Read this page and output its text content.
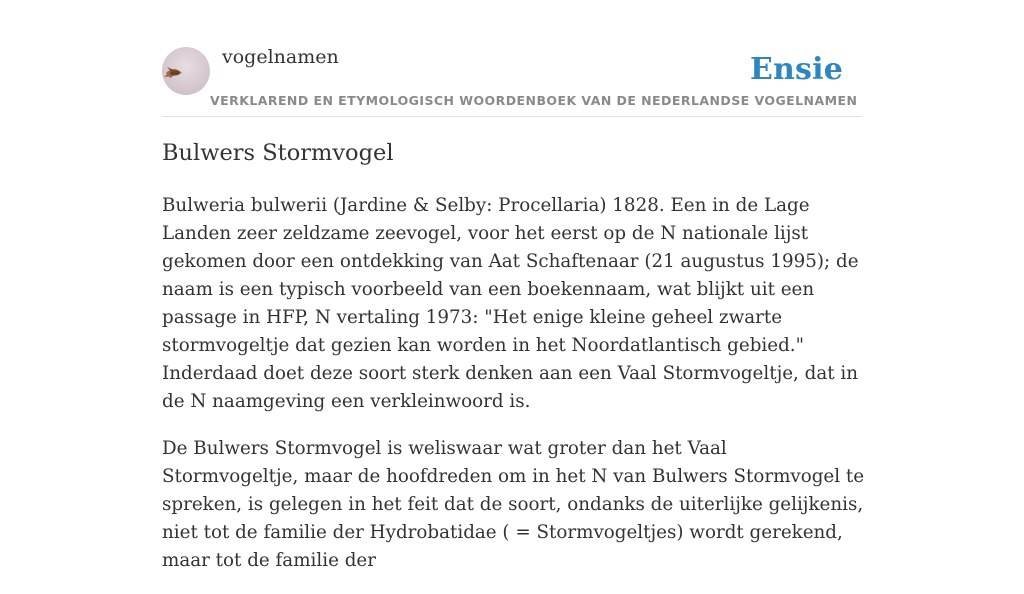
vogelnamen	Ensie
VERKLAREND EN ETYMOLOGISCH WOORDENBOEK VAN DE NEDERLANDSE VOGELNAMEN
Bulwers Stormvogel

Bulweria bulwerii (Jardine & Selby: Procellaria) 1828. Een in de Lage Landen zeer zeldzame zeevogel, voor het eerst op de N nationale lijst gekomen door een ontdekking van Aat Schaftenaar (21 augustus 1995); de naam is een typisch voorbeeld van een boekennaam, wat blijkt uit een passage in HFP, N vertaling 1973: "Het enige kleine geheel zwarte stormvogeltje dat gezien kan worden in het Noordatlantisch gebied." Inderdaad doet deze soort sterk denken aan een Vaal Stormvogeltje, dat in de N naamgeving een verkleinwoord is.

De Bulwers Stormvogel is weliswaar wat groter dan het Vaal Stormvogeltje, maar de hoofdreden om in het N van Bulwers Stormvogel te spreken, is gelegen in het feit dat de soort, ondanks de uiterlijke gelijkenis, niet tot de familie der Hydrobatidae ( = Stormvogeltjes) wordt gerekend, maar tot de familie der
